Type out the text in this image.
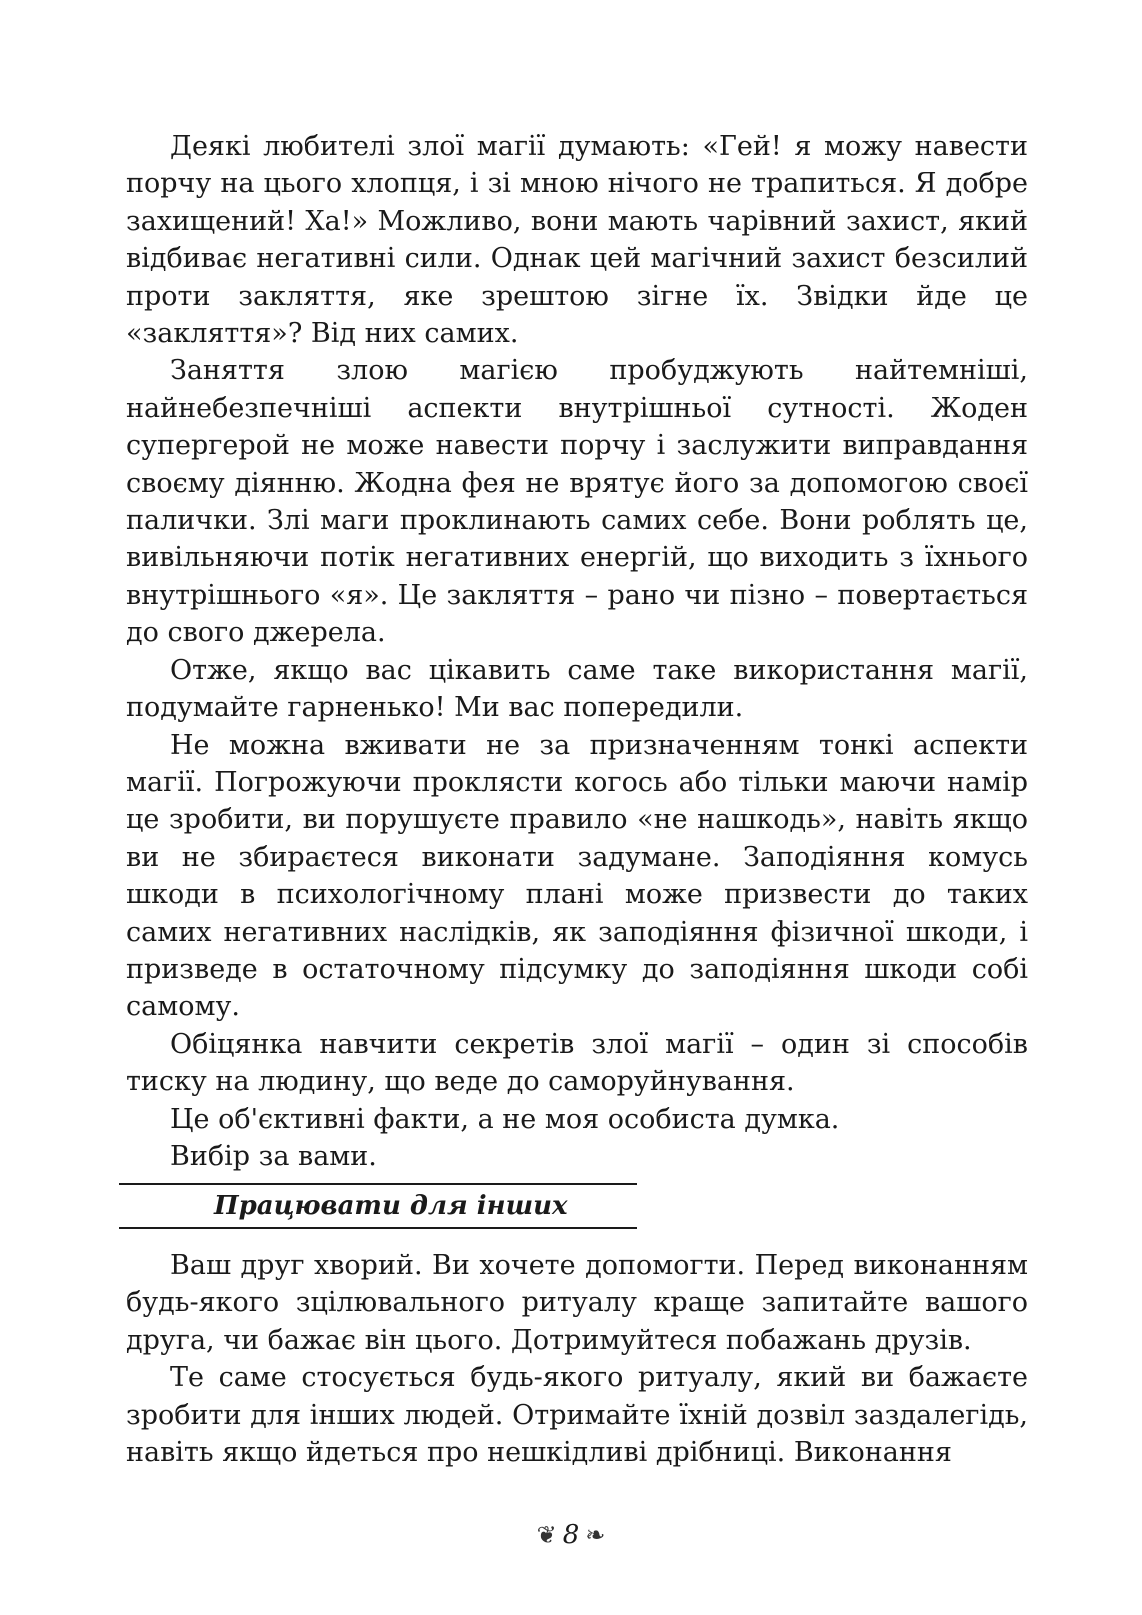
Деякі любителі злої магії думають: «Гей! я можу навести порчу на цього хлопця, і зі мною нічого не трапиться. Я добре захищений! Ха!» Можливо, вони мають чарівний захист, який відбиває негативні сили. Однак цей магічний захист безсилий проти закляття, яке зрештою зігне їх. Звідки йде це «закляття»? Від них самих.

Заняття злою магією пробуджують найтемніші, найнебезпечніші аспекти внутрішньої сутності. Жоден супергерой не може навести порчу і заслужити виправдання своєму діянню. Жодна фея не врятує його за допомогою своєї палички. Злі маги проклинають самих себе. Вони роблять це, вивільняючи потік негативних енергій, що виходить з їхнього внутрішнього «я». Це закляття – рано чи пізно – повертається до свого джерела.

Отже, якщо вас цікавить саме таке використання магії, подумайте гарненько! Ми вас попередили.

Не можна вживати не за призначенням тонкі аспекти магії. Погрожуючи проклясти когось або тільки маючи намір це зробити, ви порушуєте правило «не нашкодь», навіть якщо ви не збираєтеся виконати задумане. Заподіяння комусь шкоди в психологічному плані може призвести до таких самих негативних наслідків, як заподіяння фізичної шкоди, і призведе в остаточному підсумку до заподіяння шкоди собі самому.

Обіцянка навчити секретів злої магії – один зі способів тиску на людину, що веде до саморуйнування.

Це об'єктивні факти, а не моя особиста думка.

Вибір за вами.

Працювати для інших

Ваш друг хворий. Ви хочете допомогти. Перед виконанням будь-якого зцілювального ритуалу краще запитайте вашого друга, чи бажає він цього. Дотримуйтеся побажань друзів.

Те саме стосується будь-якого ритуалу, який ви бажаєте зробити для інших людей. Отримайте їхній дозвіл заздалегідь, навіть якщо йдеться про нешкідливі дрібниці. Виконання

❦ 8 ❧
